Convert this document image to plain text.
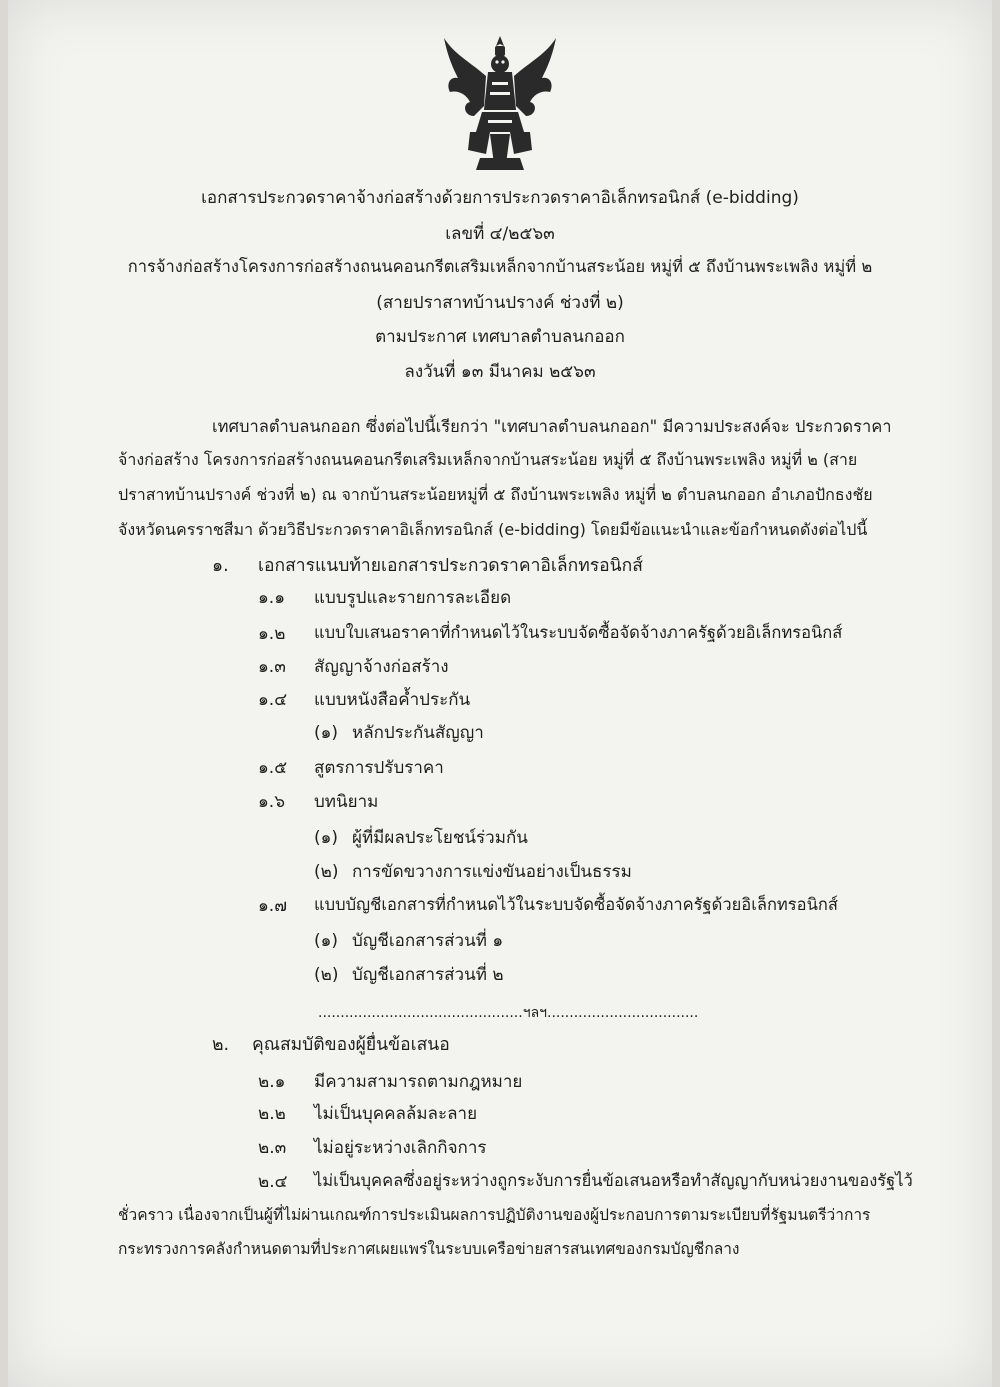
เอกสารประกวดราคาจ้างก่อสร้างด้วยการประกวดราคาอิเล็กทรอนิกส์ (e-bidding)
เลขที่ ๔/๒๕๖๓
การจ้างก่อสร้างโครงการก่อสร้างถนนคอนกรีตเสริมเหล็กจากบ้านสระน้อย หมู่ที่ ๕ ถึงบ้านพระเพลิง หมู่ที่ ๒
(สายปราสาทบ้านปรางค์ ช่วงที่ ๒)
ตามประกาศ เทศบาลตำบลนกออก
ลงวันที่ ๑๓ มีนาคม ๒๕๖๓
เทศบาลตำบลนกออก ซึ่งต่อไปนี้เรียกว่า "เทศบาลตำบลนกออก" มีความประสงค์จะ ประกวดราคา
จ้างก่อสร้าง โครงการก่อสร้างถนนคอนกรีตเสริมเหล็กจากบ้านสระน้อย หมู่ที่ ๕ ถึงบ้านพระเพลิง หมู่ที่ ๒ (สาย
ปราสาทบ้านปรางค์ ช่วงที่ ๒) ณ จากบ้านสระน้อยหมู่ที่ ๕ ถึงบ้านพระเพลิง หมู่ที่ ๒ ตำบลนกออก อำเภอปักธงชัย
จังหวัดนครราชสีมา ด้วยวิธีประกวดราคาอิเล็กทรอนิกส์ (e-bidding) โดยมีข้อแนะนำและข้อกำหนดดังต่อไปนี้
๑. เอกสารแนบท้ายเอกสารประกวดราคาอิเล็กทรอนิกส์
๑.๑ แบบรูปและรายการละเอียด
๑.๒ แบบใบเสนอราคาที่กำหนดไว้ในระบบจัดซื้อจัดจ้างภาครัฐด้วยอิเล็กทรอนิกส์
๑.๓ สัญญาจ้างก่อสร้าง
๑.๔ แบบหนังสือค้ำประกัน
(๑) หลักประกันสัญญา
๑.๕ สูตรการปรับราคา
๑.๖ บทนิยาม
(๑) ผู้ที่มีผลประโยชน์ร่วมกัน
(๒) การขัดขวางการแข่งขันอย่างเป็นธรรม
๑.๗ แบบบัญชีเอกสารที่กำหนดไว้ในระบบจัดซื้อจัดจ้างภาครัฐด้วยอิเล็กทรอนิกส์
(๑) บัญชีเอกสารส่วนที่ ๑
(๒) บัญชีเอกสารส่วนที่ ๒
..............................................ฯลฯ..................................
๒. คุณสมบัติของผู้ยื่นข้อเสนอ
๒.๑ มีความสามารถตามกฎหมาย
๒.๒ ไม่เป็นบุคคลล้มละลาย
๒.๓ ไม่อยู่ระหว่างเลิกกิจการ
๒.๔ ไม่เป็นบุคคลซึ่งอยู่ระหว่างถูกระงับการยื่นข้อเสนอหรือทำสัญญากับหน่วยงานของรัฐไว้
ชั่วคราว เนื่องจากเป็นผู้ที่ไม่ผ่านเกณฑ์การประเมินผลการปฏิบัติงานของผู้ประกอบการตามระเบียบที่รัฐมนตรีว่าการ
กระทรวงการคลังกำหนดตามที่ประกาศเผยแพร่ในระบบเครือข่ายสารสนเทศของกรมบัญชีกลาง
